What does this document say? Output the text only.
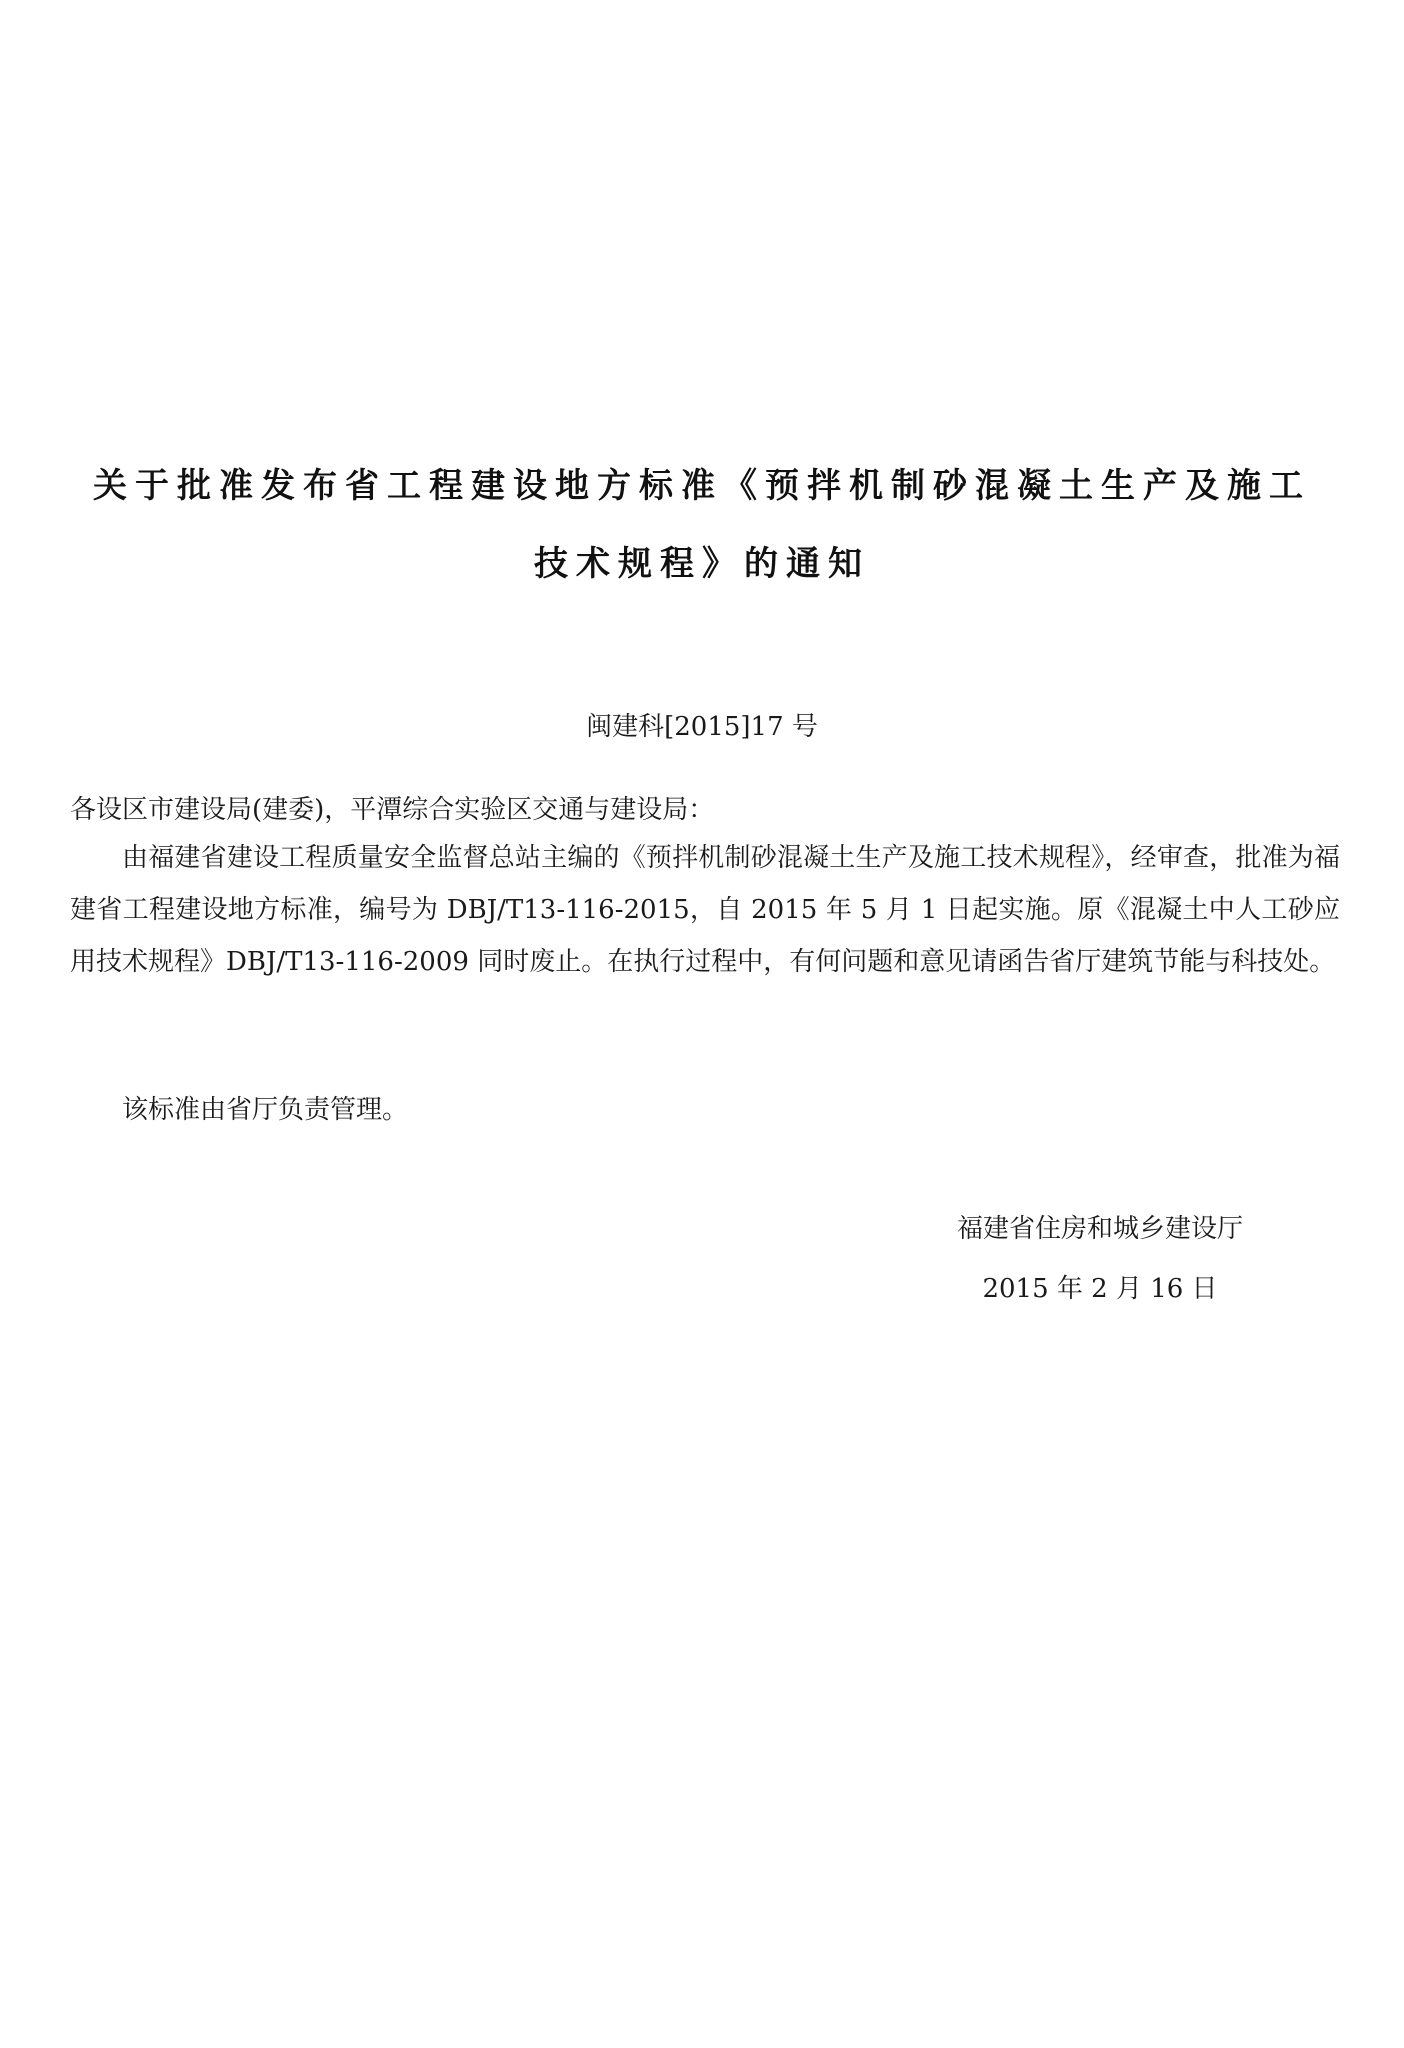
关于批准发布省工程建设地方标准《预拌机制砂混凝土生产及施工
技术规程》的通知
闽建科[2015]17 号
各设区市建设局(建委)，平潭综合实验区交通与建设局：
由福建省建设工程质量安全监督总站主编的《预拌机制砂混凝土生产及施工技术规程》，经审查，批准为福建省工程建设地方标准，编号为 DBJ/T13-116-2015，自 2015 年 5 月 1 日起实施。原《混凝土中人工砂应用技术规程》DBJ/T13-116-2009 同时废止。在执行过程中，有何问题和意见请函告省厅建筑节能与科技处。
该标准由省厅负责管理。
福建省住房和城乡建设厅
2015 年 2 月 16 日
